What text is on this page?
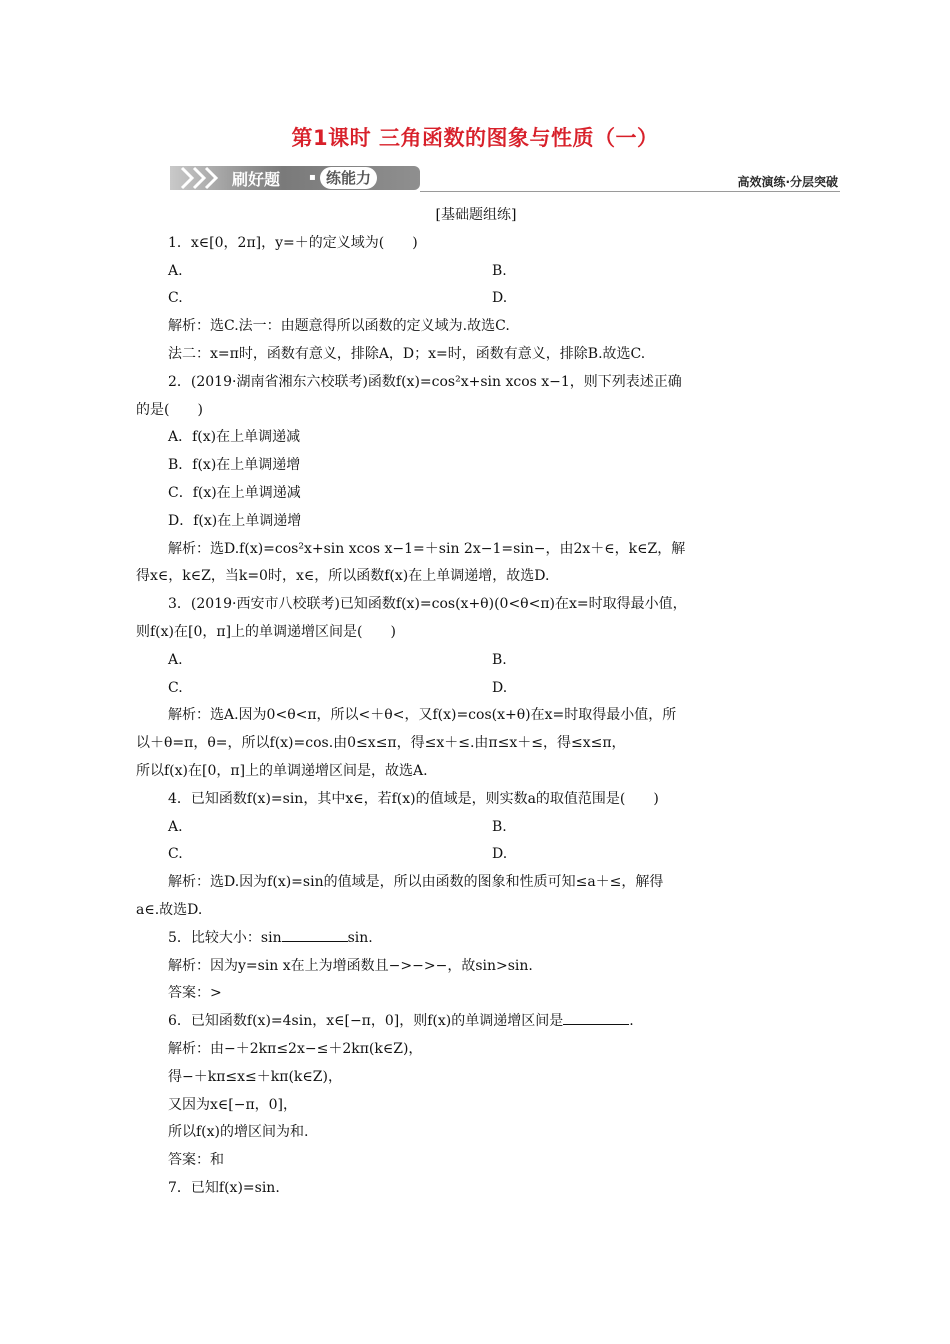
第1课时 三角函数的图象与性质（一）
刷好题	▪ 练能力	高效演练·分层突破
[基础题组练]
1．x∈[0，2π]，y=＋的定义域为(　　)
A.	B.
C.	D.
解析：选C.法一：由题意得所以函数的定义域为.故选C.
法二：x=π时，函数有意义，排除A，D；x=时，函数有意义，排除B.故选C.
2．(2019·湖南省湘东六校联考)函数f(x)=cos²x+sin xcos x−1，则下列表述正确
的是(　　)
A．f(x)在上单调递减
B．f(x)在上单调递增
C．f(x)在上单调递减
D．f(x)在上单调递增
解析：选D.f(x)=cos²x+sin xcos x−1=＋sin 2x−1=sin−，由2x＋∈，k∈Z，解
得x∈，k∈Z，当k=0时，x∈，所以函数f(x)在上单调递增，故选D.
3．(2019·西安市八校联考)已知函数f(x)=cos(x+θ)(0<θ<π)在x=时取得最小值，
则f(x)在[0，π]上的单调递增区间是(　　)
A.	B.
C.	D.
解析：选A.因为0<θ<π，所以<＋θ<，又f(x)=cos(x+θ)在x=时取得最小值，所
以＋θ=π，θ=，所以f(x)=cos.由0≤x≤π，得≤x＋≤.由π≤x＋≤，得≤x≤π，
所以f(x)在[0，π]上的单调递增区间是，故选A.
4．已知函数f(x)=sin，其中x∈，若f(x)的值域是，则实数a的取值范围是(　　)
A.	B.
C.	D.
解析：选D.因为f(x)=sin的值域是，所以由函数的图象和性质可知≤a＋≤，解得
a∈.故选D.
5．比较大小：sin	sin.
解析：因为y=sin x在上为增函数且−>−>−，故sin>sin.
答案：>
6．已知函数f(x)=4sin，x∈[−π，0]，则f(x)的单调递增区间是	.
解析：由−＋2kπ≤2x−≤＋2kπ(k∈Z)，
得−＋kπ≤x≤＋kπ(k∈Z)，
又因为x∈[−π，0]，
所以f(x)的增区间为和.
答案：和
7．已知f(x)=sin.
